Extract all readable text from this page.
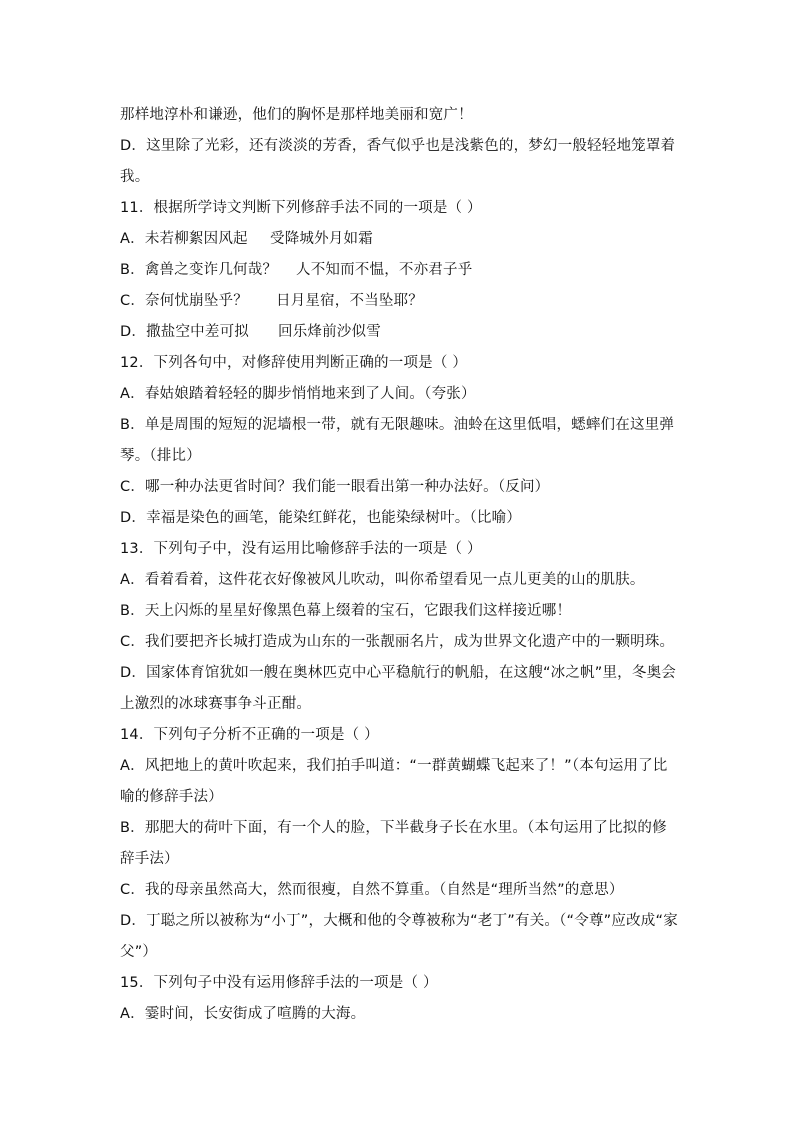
那样地淳朴和谦逊，他们的胸怀是那样地美丽和宽广！
D．这里除了光彩，还有淡淡的芳香，香气似乎也是浅紫色的，梦幻一般轻轻地笼罩着
我。
11．根据所学诗文判断下列修辞手法不同的一项是（ ）
A．未若柳絮因风起 受降城外月如霜
B．禽兽之变诈几何哉？ 人不知而不愠，不亦君子乎
C．奈何忧崩坠乎？ 日月星宿，不当坠耶？
D．撒盐空中差可拟 回乐烽前沙似雪
12．下列各句中，对修辞使用判断正确的一项是（ ）
A．春姑娘踏着轻轻的脚步悄悄地来到了人间。（夸张）
B．单是周围的短短的泥墙根一带，就有无限趣味。油蛉在这里低唱，蟋蟀们在这里弹
琴。（排比）
C．哪一种办法更省时间？我们能一眼看出第一种办法好。（反问）
D．幸福是染色的画笔，能染红鲜花，也能染绿树叶。（比喻）
13．下列句子中，没有运用比喻修辞手法的一项是（ ）
A．看着看着，这件花衣好像被风儿吹动，叫你希望看见一点儿更美的山的肌肤。
B．天上闪烁的星星好像黑色幕上缀着的宝石，它跟我们这样接近哪！
C．我们要把齐长城打造成为山东的一张靓丽名片，成为世界文化遗产中的一颗明珠。
D．国家体育馆犹如一艘在奥林匹克中心平稳航行的帆船，在这艘“冰之帆”里，冬奥会
上激烈的冰球赛事争斗正酣。
14．下列句子分析不正确的一项是（ ）
A．风把地上的黄叶吹起来，我们拍手叫道：“一群黄蝴蝶飞起来了！”（本句运用了比
喻的修辞手法）
B．那肥大的荷叶下面，有一个人的脸，下半截身子长在水里。（本句运用了比拟的修
辞手法）
C．我的母亲虽然高大，然而很瘦，自然不算重。（自然是“理所当然”的意思）
D．丁聪之所以被称为“小丁”，大概和他的令尊被称为“老丁”有关。（“令尊”应改成“家
父”）
15．下列句子中没有运用修辞手法的一项是（ ）
A．霎时间，长安街成了喧腾的大海。
